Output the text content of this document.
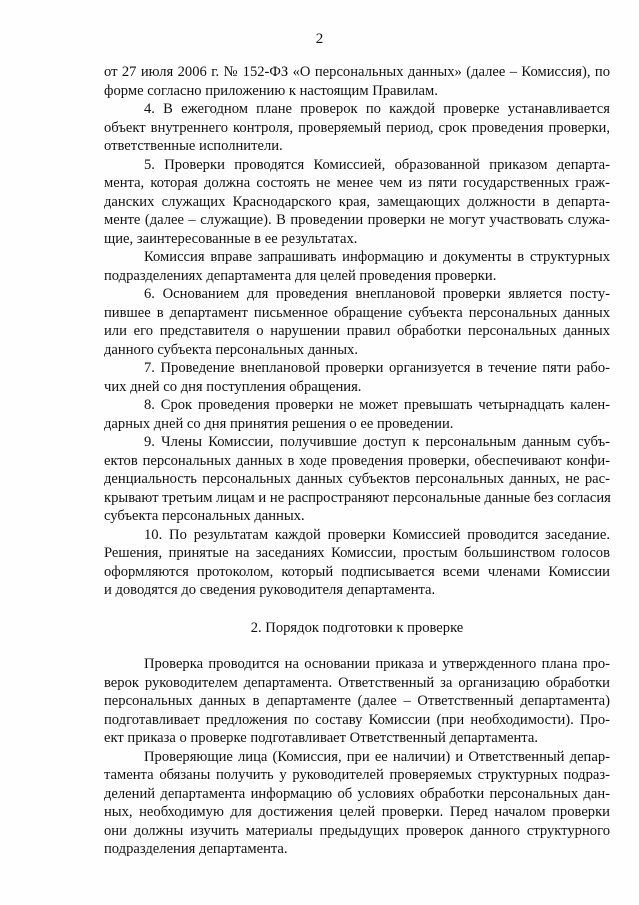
2
от 27 июля 2006 г. № 152-ФЗ «О персональных данных» (далее – Комиссия), по
форме согласно приложению к настоящим Правилам.
4. В ежегодном плане проверок по каждой проверке устанавливается
объект внутреннего контроля, проверяемый период, срок проведения проверки,
ответственные исполнители.
5. Проверки проводятся Комиссией, образованной приказом департа-
мента, которая должна состоять не менее чем из пяти государственных граж-
данских служащих Краснодарского края, замещающих должности в департа-
менте (далее – служащие). В проведении проверки не могут участвовать служа-
щие, заинтересованные в ее результатах.
Комиссия вправе запрашивать информацию и документы в структурных
подразделениях департамента для целей проведения проверки.
6. Основанием для проведения внеплановой проверки является посту-
пившее в департамент письменное обращение субъекта персональных данных
или его представителя о нарушении правил обработки персональных данных
данного субъекта персональных данных.
7. Проведение внеплановой проверки организуется в течение пяти рабо-
чих дней со дня поступления обращения.
8. Срок проведения проверки не может превышать четырнадцать кален-
дарных дней со дня принятия решения о ее проведении.
9. Члены Комиссии, получившие доступ к персональным данным субъ-
ектов персональных данных в ходе проведения проверки, обеспечивают конфи-
денциальность персональных данных субъектов персональных данных, не рас-
крывают третьим лицам и не распространяют персональные данные без согласия
субъекта персональных данных.
10. По результатам каждой проверки Комиссией проводится заседание.
Решения, принятые на заседаниях Комиссии, простым большинством голосов
оформляются протоколом, который подписывается всеми членами Комиссии
и доводятся до сведения руководителя департамента.
2. Порядок подготовки к проверке
Проверка проводится на основании приказа и утвержденного плана про-
верок руководителем департамента. Ответственный за организацию обработки
персональных данных в департаменте (далее – Ответственный департамента)
подготавливает предложения по составу Комиссии (при необходимости). Про-
ект приказа о проверке подготавливает Ответственный департамента.
Проверяющие лица (Комиссия, при ее наличии) и Ответственный депар-
тамента обязаны получить у руководителей проверяемых структурных подраз-
делений департамента информацию об условиях обработки персональных дан-
ных, необходимую для достижения целей проверки. Перед началом проверки
они должны изучить материалы предыдущих проверок данного структурного
подразделения департамента.
